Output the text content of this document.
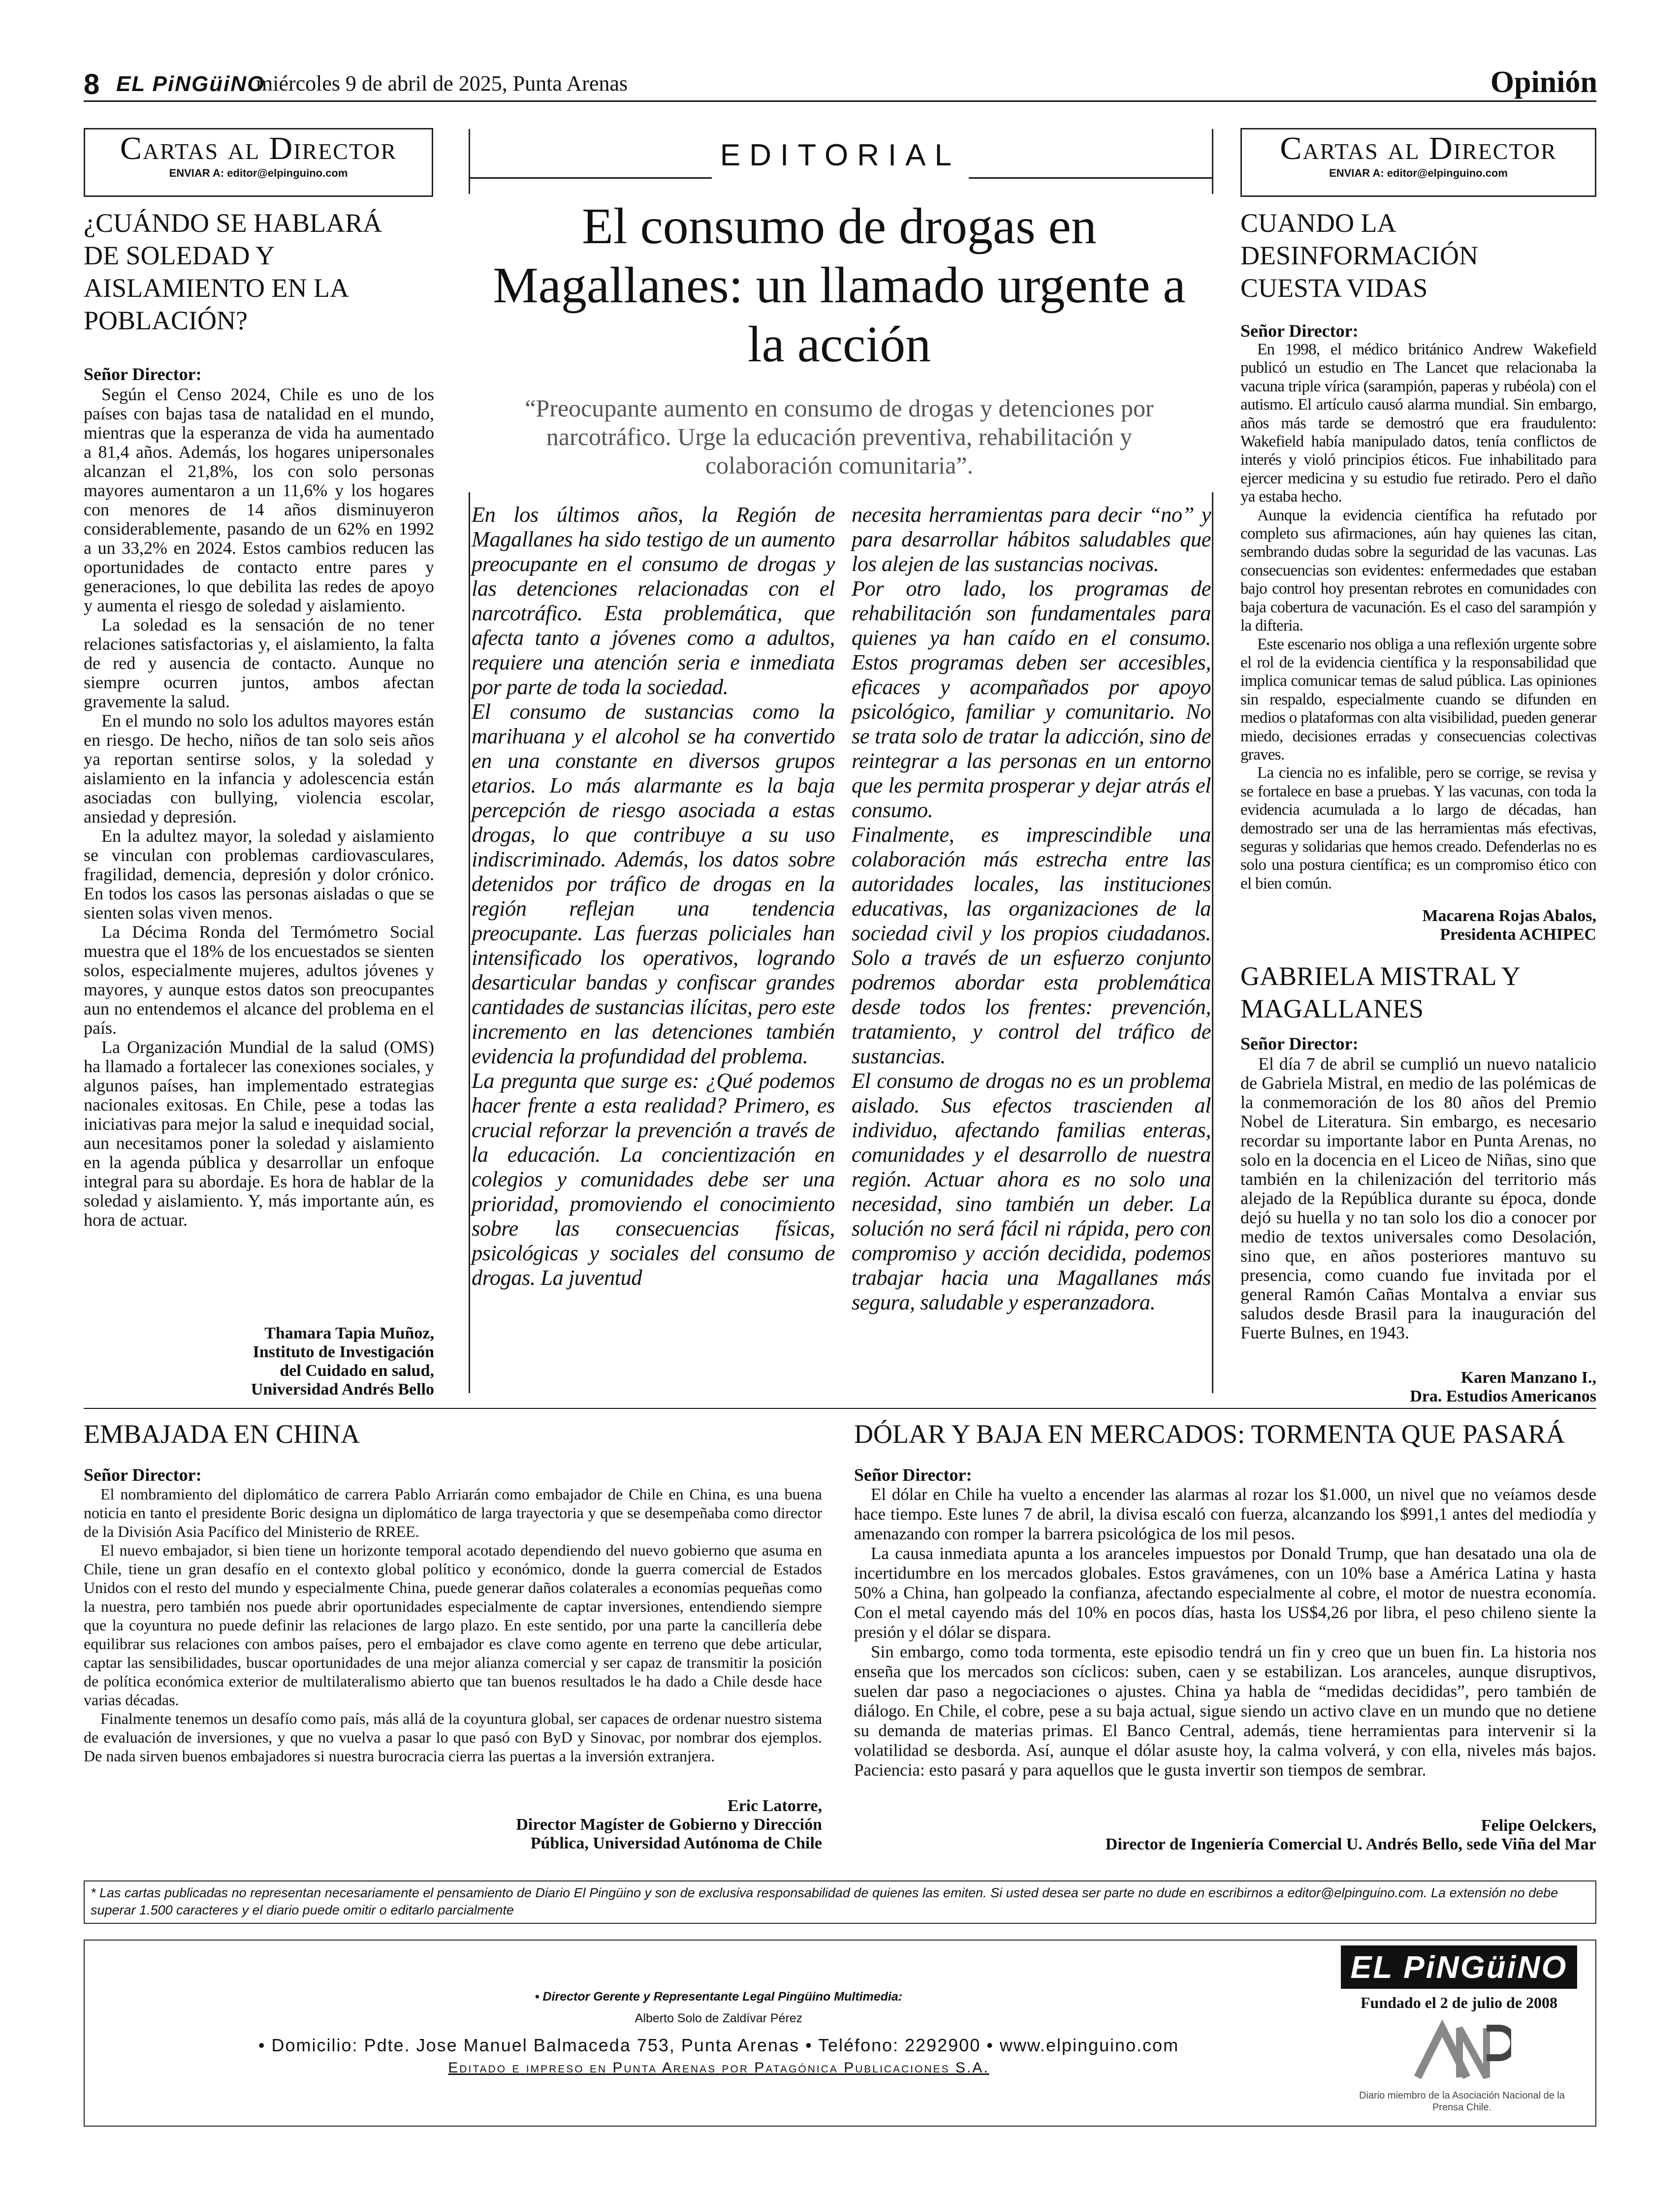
8 EL PiNGüiNO
miércoles 9 de abril de 2025, Punta Arenas	Opinión
Cartas al Director
ENVIAR A: editor@elpinguino.com
¿CUÁNDO SE HABLARÁ DE SOLEDAD Y AISLAMIENTO EN LA POBLACIÓN?
Señor Director:

Según el Censo 2024, Chile es uno de los países con bajas tasa de natalidad en el mundo, mientras que la esperanza de vida ha aumentado a 81,4 años. Además, los hogares unipersonales alcanzan el 21,8%, los con solo personas mayores aumentaron a un 11,6% y los hogares con menores de 14 años disminuyeron considerablemente, pasando de un 62% en 1992 a un 33,2% en 2024. Estos cambios reducen las oportunidades de contacto entre pares y generaciones, lo que debilita las redes de apoyo y aumenta el riesgo de soledad y aislamiento.

La soledad es la sensación de no tener relaciones satisfactorias y, el aislamiento, la falta de red y ausencia de contacto. Aunque no siempre ocurren juntos, ambos afectan gravemente la salud.

En el mundo no solo los adultos mayores están en riesgo. De hecho, niños de tan solo seis años ya reportan sentirse solos, y la soledad y aislamiento en la infancia y adolescencia están asociadas con bullying, violencia escolar, ansiedad y depresión.

En la adultez mayor, la soledad y aislamiento se vinculan con problemas cardiovasculares, fragilidad, demencia, depresión y dolor crónico. En todos los casos las personas aisladas o que se sienten solas viven menos.

La Décima Ronda del Termómetro Social muestra que el 18% de los encuestados se sienten solos, especialmente mujeres, adultos jóvenes y mayores, y aunque estos datos son preocupantes aun no entendemos el alcance del problema en el país.

La Organización Mundial de la salud (OMS) ha llamado a fortalecer las conexiones sociales, y algunos países, han implementado estrategias nacionales exitosas. En Chile, pese a todas las iniciativas para mejor la salud e inequidad social, aun necesitamos poner la soledad y aislamiento en la agenda pública y desarrollar un enfoque integral para su abordaje. Es hora de hablar de la soledad y aislamiento. Y, más importante aún, es hora de actuar.

Thamara Tapia Muñoz,
Instituto de Investigación
del Cuidado en salud,
Universidad Andrés Bello
EDITORIAL
El consumo de drogas en Magallanes: un llamado urgente a la acción
“Preocupante aumento en consumo de drogas y detenciones por narcotráfico. Urge la educación preventiva, rehabilitación y colaboración comunitaria”.

En los últimos años, la Región de Magallanes ha sido testigo de un aumento preocupante en el consumo de drogas y las detenciones relacionadas con el narcotráfico. Esta problemática, que afecta tanto a jóvenes como a adultos, requiere una atención seria e inmediata por parte de toda la sociedad.

El consumo de sustancias como la marihuana y el alcohol se ha convertido en una constante en diversos grupos etarios. Lo más alarmante es la baja percepción de riesgo asociada a estas drogas, lo que contribuye a su uso indiscriminado. Además, los datos sobre detenidos por tráfico de drogas en la región reflejan una tendencia preocupante. Las fuerzas policiales han intensificado los operativos, logrando desarticular bandas y confiscar grandes cantidades de sustancias ilícitas, pero este incremento en las detenciones también evidencia la profundidad del problema.

La pregunta que surge es: ¿Qué podemos hacer frente a esta realidad? Primero, es crucial reforzar la prevención a través de la educación. La concientización en colegios y comunidades debe ser una prioridad, promoviendo el conocimiento sobre las consecuencias físicas, psicológicas y sociales del consumo de drogas. La juventud

necesita herramientas para decir “no” y para desarrollar hábitos saludables que los alejen de las sustancias nocivas.

Por otro lado, los programas de rehabilitación son fundamentales para quienes ya han caído en el consumo. Estos programas deben ser accesibles, eficaces y acompañados por apoyo psicológico, familiar y comunitario. No se trata solo de tratar la adicción, sino de reintegrar a las personas en un entorno que les permita prosperar y dejar atrás el consumo.

Finalmente, es imprescindible una colaboración más estrecha entre las autoridades locales, las instituciones educativas, las organizaciones de la sociedad civil y los propios ciudadanos. Solo a través de un esfuerzo conjunto podremos abordar esta problemática desde todos los frentes: prevención, tratamiento, y control del tráfico de sustancias.

El consumo de drogas no es un problema aislado. Sus efectos trascienden al individuo, afectando familias enteras, comunidades y el desarrollo de nuestra región. Actuar ahora es no solo una necesidad, sino también un deber. La solución no será fácil ni rápida, pero con compromiso y acción decidida, podemos trabajar hacia una Magallanes más segura, saludable y esperanzadora.

Cartas al Director
ENVIAR A: editor@elpinguino.com
CUANDO LA DESINFORMACIÓN CUESTA VIDAS
Señor Director:

En 1998, el médico británico Andrew Wakefield publicó un estudio en The Lancet que relacionaba la vacuna triple vírica (sarampión, paperas y rubéola) con el autismo. El artículo causó alarma mundial. Sin embargo, años más tarde se demostró que era fraudulento: Wakefield había manipulado datos, tenía conflictos de interés y violó principios éticos. Fue inhabilitado para ejercer medicina y su estudio fue retirado. Pero el daño ya estaba hecho.

Aunque la evidencia científica ha refutado por completo sus afirmaciones, aún hay quienes las citan, sembrando dudas sobre la seguridad de las vacunas. Las consecuencias son evidentes: enfermedades que estaban bajo control hoy presentan rebrotes en comunidades con baja cobertura de vacunación. Es el caso del sarampión y la difteria.

Este escenario nos obliga a una reflexión urgente sobre el rol de la evidencia científica y la responsabilidad que implica comunicar temas de salud pública. Las opiniones sin respaldo, especialmente cuando se difunden en medios o plataformas con alta visibilidad, pueden generar miedo, decisiones erradas y consecuencias colectivas graves.

La ciencia no es infalible, pero se corrige, se revisa y se fortalece en base a pruebas. Y las vacunas, con toda la evidencia acumulada a lo largo de décadas, han demostrado ser una de las herramientas más efectivas, seguras y solidarias que hemos creado. Defenderlas no es solo una postura científica; es un compromiso ético con el bien común.

Macarena Rojas Abalos,
Presidenta ACHIPEC
GABRIELA MISTRAL Y MAGALLANES
Señor Director:

El día 7 de abril se cumplió un nuevo natalicio de Gabriela Mistral, en medio de las polémicas de la conmemoración de los 80 años del Premio Nobel de Literatura. Sin embargo, es necesario recordar su importante labor en Punta Arenas, no solo en la docencia en el Liceo de Niñas, sino que también en la chilenización del territorio más alejado de la República durante su época, donde dejó su huella y no tan solo los dio a conocer por medio de textos universales como Desolación, sino que, en años posteriores mantuvo su presencia, como cuando fue invitada por el general Ramón Cañas Montalva a enviar sus saludos desde Brasil para la inauguración del Fuerte Bulnes, en 1943.

Karen Manzano I.,
Dra. Estudios Americanos
EMBAJADA EN CHINA
Señor Director:

El nombramiento del diplomático de carrera Pablo Arriarán como embajador de Chile en China, es una buena noticia en tanto el presidente Boric designa un diplomático de larga trayectoria y que se desempeñaba como director de la División Asia Pacífico del Ministerio de RREE.

El nuevo embajador, si bien tiene un horizonte temporal acotado dependiendo del nuevo gobierno que asuma en Chile, tiene un gran desafío en el contexto global político y económico, donde la guerra comercial de Estados Unidos con el resto del mundo y especialmente China, puede generar daños colaterales a economías pequeñas como la nuestra, pero también nos puede abrir oportunidades especialmente de captar inversiones, entendiendo siempre que la coyuntura no puede definir las relaciones de largo plazo. En este sentido, por una parte la cancillería debe equilibrar sus relaciones con ambos países, pero el embajador es clave como agente en terreno que debe articular, captar las sensibilidades, buscar oportunidades de una mejor alianza comercial y ser capaz de transmitir la posición de política económica exterior de multilateralismo abierto que tan buenos resultados le ha dado a Chile desde hace varias décadas.

Finalmente tenemos un desafío como país, más allá de la coyuntura global, ser capaces de ordenar nuestro sistema de evaluación de inversiones, y que no vuelva a pasar lo que pasó con ByD y Sinovac, por nombrar dos ejemplos. De nada sirven buenos embajadores si nuestra burocracia cierra las puertas a la inversión extranjera.

Eric Latorre,
Director Magíster de Gobierno y Dirección
Pública, Universidad Autónoma de Chile
DÓLAR Y BAJA EN MERCADOS: TORMENTA QUE PASARÁ
Señor Director:

El dólar en Chile ha vuelto a encender las alarmas al rozar los $1.000, un nivel que no veíamos desde hace tiempo. Este lunes 7 de abril, la divisa escaló con fuerza, alcanzando los $991,1 antes del mediodía y amenazando con romper la barrera psicológica de los mil pesos.

La causa inmediata apunta a los aranceles impuestos por Donald Trump, que han desatado una ola de incertidumbre en los mercados globales. Estos gravámenes, con un 10% base a América Latina y hasta 50% a China, han golpeado la confianza, afectando especialmente al cobre, el motor de nuestra economía. Con el metal cayendo más del 10% en pocos días, hasta los US$4,26 por libra, el peso chileno siente la presión y el dólar se dispara.

Sin embargo, como toda tormenta, este episodio tendrá un fin y creo que un buen fin. La historia nos enseña que los mercados son cíclicos: suben, caen y se estabilizan. Los aranceles, aunque disruptivos, suelen dar paso a negociaciones o ajustes. China ya habla de “medidas decididas”, pero también de diálogo. En Chile, el cobre, pese a su baja actual, sigue siendo un activo clave en un mundo que no detiene su demanda de materias primas. El Banco Central, además, tiene herramientas para intervenir si la volatilidad se desborda. Así, aunque el dólar asuste hoy, la calma volverá, y con ella, niveles más bajos. Paciencia: esto pasará y para aquellos que le gusta invertir son tiempos de sembrar.

Felipe Oelckers,
Director de Ingeniería Comercial U. Andrés Bello, sede Viña del Mar
* Las cartas publicadas no representan necesariamente el pensamiento de Diario El Pingüino y son de exclusiva responsabilidad de quienes las emiten. Si usted desea ser parte no dude en escribirnos a editor@elpinguino.com. La extensión no debe superar 1.500 caracteres y el diario puede omitir o editarlo parcialmente
• Director Gerente y Representante Legal Pingüino Multimedia:
Alberto Solo de Zaldívar Pérez
• Domicilio: Pdte. Jose Manuel Balmaceda 753, Punta Arenas • Teléfono: 2292900 • www.elpinguino.com
Editado e impreso en Punta Arenas por Patagónica Publicaciones S.A.
EL PiNGüiNO
Fundado el 2 de julio de 2008
Diario miembro de la Asociación Nacional de la Prensa Chile.
